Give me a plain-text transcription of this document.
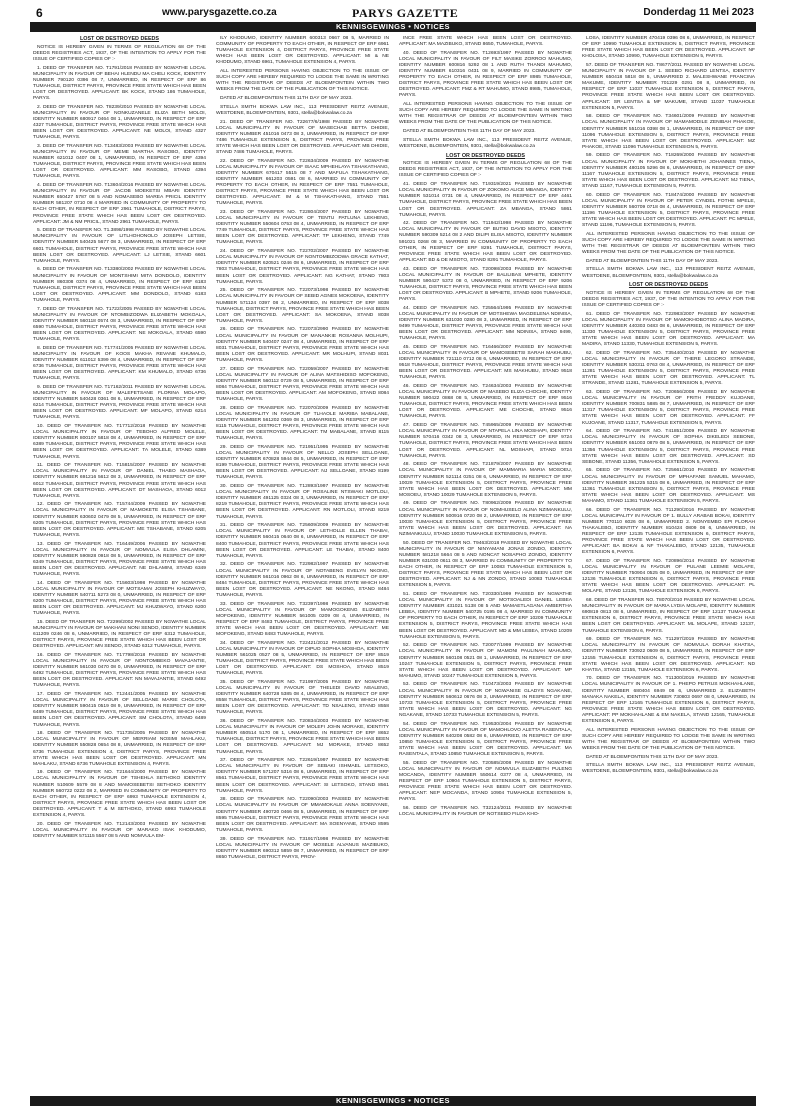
6	www.parysgazette.co.za	PARYS GAZETTE	Donderdag 11 Mei 2023
KENNISGEWINGS • NOTICES

LOST OR DESTROYED DEEDS

NOTICE IS HEREBY GIVEN IN TERMS OF REGULATION 68 OF THE DEEDS REGISTRIES ACT, 1937, OF THE INTENTION TO APPLY FOR THE ISSUE OF CERTIFIED COPIES OF :-

1. DEED OF TRANSFER NO. T1791/2018 PASSED BY NGWATHE LOCAL MUNICIPALITY IN FAVOUR OF BEHAI HLENDU MA CHELI KOCK, IDENTITY NUMBER 790120 0396 08 7, UNMARRIED, IN RESPECT OF ERF 86 TUMAHOLE, DISTRICT PARYS, PROVINCE FREE STATE WHICH HAS BEEN LOST OR DESTROYED. APPLICANT: BK KOCK, STAND 186 TUMAHOLE, PARYS.

2. DEED OF TRANSFER NO. T8239/2010 PASSED BY NGWATHE LOCAL MUNICIPALITY IN FAVOUR OF NONKUZANELE ELIZA BETH MOLOI, IDENTITY NUMBER 680917 0464 08 1, UNMARRIED, IN RESPECT OF ERF 4327 TUMAHOLE, DISTRICT PARYS, PROVINCE FREE STATE WHICH HAS BEEN LOST OR DESTROYED. APPLICANT: NE MOLOI, STAND 4327 TUMAHOLE, PARYS.

3. DEED OF TRANSFER NO. T13483/2003 PASSED BY NGWATHE LOCAL MUNICIPALITY IN FAVOUR OF MEME MARTHA RASOBO, IDENTITY NUMBER 621012 0407 08 1, UNMARRIED, IN RESPECT OF ERF 4394 TUMAHOLE, DISTRICT PARYS, PROVINCE FREE STATE WHICH HAS BEEN LOST OR DESTROYED. APPLICANT: MM RASOBO, STAND 4394 TUMAHOLE, PARYS.

4. DEED OF TRANSFER NO. T13604/2016 PASSED BY NGWATHE LOCAL MUNICIPALITY IN FAVOUR OF JACOB MOEKETSI MBARI IDENTITY NUMBER 650427 5787 08 5 AND NOMASEBO MAREA PRICIL IDENTITY NUMBER 581207 0710 08 4 MARRIED IN COMMUNITY OF PROPERTY TO EACH OTHER, IN RESPECT OF ERF 2961 TUMAHOLE, DISTRICT PARYS, PROVINCE FREE STATE WHICH HAS BEEN LOST OR DESTROYED. APPLICANT: JM & NM PRICIL, STAND 2961 TUMAHOLE, PARYS.

5. DEED OF TRANSFER NO. T1.3898/1998 PASSED BY NGWATHE LOCAL MUNICIPALITY IN FAVOUR OF LITLHOHONOLO JOSEPH LETSIE, IDENTITY NUMBER 540425 5677 08 3, UNMARRIED, IN RESPECT OF ERF 6601 TUMAHOLE, DISTRICT PARYS, PROVINCE FREE STATE WHICH HAS BEEN LOST OR DESTROYED. APPLICANT: LJ LETSIE, STAND 6601 TUMAHOLE, PARYS.

6. DEED OF TRANSFER NO. T13380/2002 PASSED BY NGWATHE LOCAL MUNICIPALITY IN FAVOUR OF MONTSHIMI MITA DONDOLO, IDENTITY NUMBER 860308 0374 08 4, UNMARRIED, IN RESPECT OF ERF 6183 TUMAHOLE, DISTRICT PARYS, PROVINCE FREE STATE WHICH HAS BEEN LOST OR DESTROYED. APPLICANT: MM DONDOLO, STAND 6183 TUMAHOLE, PARYS.

7. DEED OF TRANSFER NO. T1722/2005 PASSED BY NGWATHE LOCAL MUNICIPALITY IN FAVOUR OF NTOMBIZODWA ELIZABETH MOKOALA, IDENTITY NUMBER 560118 0574 08 3, UNMARRIED, IN RESPECT OF ERF 6590 TUMAHOLE, DISTRICT PARYS, PROVINCE FREE STATE WHICH HAS BEEN LOST OR DESTROYED. APPLICANT: NE MOKOALA, STAND 6590 TUMAHOLE, PARYS.

8. DEED OF TRANSFER NO. T17741/2005 PASSED BY NGWATHE LOCAL MUNICIPALITY IN FAVOUR OF KOOS MAKHA REVANE KHUMALO, IDENTITY NUMBER 611012 5399 08 4, UNMARRIED, IN RESPECT OF ERF 6736 TUMAHOLE, DISTRICT PARYS, PROVINCE FREE STATE WHICH HAS BEEN LOST OR DESTROYED. APPLICANT: KM KHUMALO, STAND 6736 TUMAHOLE, PARYS.

9. DEED OF TRANSFER NO. T17162/2011 PASSED BY NGWATHE LOCAL MUNICIPALITY IN FAVOUR OF MALEFETSANE FLORINA MOLAPO, IDENTITY NUMBER 540428 0361 08 6, UNMARRIED, IN RESPECT OF ERF 6214 TUMAHOLE, DISTRICT PARYS, PROVINCE FREE STATE WHICH HAS BEEN LOST OR DESTROYED. APPLICANT: MF MOLAPO, STAND 6214 TUMAHOLE, PARYS.

10. DEED OF TRANSFER NO. T17712/2018 PASSED BY NGWATHE LOCAL MUNICIPALITY IN FAVOUR OF TEBOHO ALFRED MOLELE, IDENTITY NUMBER 800107 5818 08 4, UNMARRIED, IN RESPECT OF ERF 6389 TUMAHOLE, DISTRICT PARYS, PROVINCE FREE STATE WHICH HAS BEEN LOST OR DESTROYED. APPLICANT: TA MOLELE, STAND 6389 TUMAHOLE, PARYS.

11. DEED OF TRANSFER NO. T15815/2007 PASSED BY NGWATHE LOCAL MUNICIPALITY IN FAVOUR OF DANIEL THABO MASHAOA, IDENTITY NUMBER 691216 5612 08 3, UNMARRIED, IN RESPECT OF ERF 6012 TUMAHOLE, DISTRICT PARYS, PROVINCE FREE STATE WHICH HAS BEEN LOST OR DESTROYED. APPLICANT: DT MASHAOA, STAND 6012 TUMAHOLE, PARYS.

12. DEED OF TRANSFER NO. T15744/2009 PASSED BY NGWATHE LOCAL MUNICIPALITY IN FAVOUR OF MAMOKETE ELISA TSHABANE, IDENTITY NUMBER 630602 0479 08 5, UNMARRIED, IN RESPECT OF ERF 6205 TUMAHOLE, DISTRICT PARYS, PROVINCE FREE STATE WHICH HAS BEEN LOST OR DESTROYED. APPLICANT: ME TSHABANE, STAND 6205 TUMAHOLE, PARYS.

13. DEED OF TRANSFER NO. T16449/2006 PASSED BY NGWATHE LOCAL MUNICIPALITY IN FAVOUR OF NOMVULA ELISA DHLAMINI, IDENTITY NUMBER 590828 0918 08 5, UNMARRIED, IN RESPECT OF ERF 6349 TUMAHOLE, DISTRICT PARYS, PROVINCE FREE STATE WHICH HAS BEEN LOST OR DESTROYED. APPLICANT: NE DHLAMINI, STAND 6349 TUMAHOLE, PARYS.

14. DEED OF TRANSFER NO. T15603/1998 PASSED BY NGWATHE LOCAL MUNICIPALITY IN FAVOUR OF MOTSAMAI JOSEPH KHUZWAYO, IDENTITY NUMBER 540711 5273 08 0, UNMARRIED, IN RESPECT OF ERF 6200 TUMAHOLE, DISTRICT PARYS, PROVINCE FREE STATE WHICH HAS BEEN LOST OR DESTROYED. APPLICANT: MJ KHUZWAYO, STAND 6200 TUMAHOLE, PARYS.

15. DEED OF TRANSFER NO. T2299/2002 PASSED BY NGWATHE LOCAL MUNICIPALITY IN FAVOUR OF MAKHANI NONI SENDO, IDENTITY NUMBER 611209 0246 08 6, UNMARRIED, IN RESPECT OF ERF 6312 TUMAHOLE, DISTRICT PARYS, PROVINCE FREE STATE WHICH HAS BEEN LOST OR DESTROYED. APPLICANT: MN SENDO, STAND 6312 TUMAHOLE, PARYS.

16. DEED OF TRANSFER NO. T17798/2018 PASSED BY NGWATHE LOCAL MUNICIPALITY IN FAVOUR OF NONTOMBEKO MAVAJANTIE, IDENTITY NUMBER 561030 0470 08 0, UNMARRIED, IN RESPECT OF ERF 6492 TUMAHOLE, DISTRICT PARYS, PROVINCE FREE STATE WHICH HAS BEEN LOST OR DESTROYED. APPLICANT: NN MAVAJANTIE, STAND 6492 TUMAHOLE, PARYS.

17. DEED OF TRANSFER NO. T12441/2005 PASSED BY NGWATHE LOCAL MUNICIPALITY IN FAVOUR OF SELLOANE MARIE CHOLOTA, IDENTITY NUMBER 590415 0519 08 9, UNMARRIED, IN RESPECT OF ERF 6489 TUMAHOLE, DISTRICT PARYS, PROVINCE FREE STATE WHICH HAS BEEN LOST OR DESTROYED. APPLICANT: SM CHOLOTA, STAND 6489 TUMAHOLE, PARYS.

18. DEED OF TRANSFER NO. T11735/2005 PASSED BY NGWATHE LOCAL MUNICIPALITY IN FAVOUR OF MERRIAM NOSIMI MAHLAKU, IDENTITY NUMBER 550828 0654 08 8, UNMARRIED, IN RESPECT OF ERF 6736 TUMAHOLE EXTENSION 4, DISTRICT PARYS, PROVINCE FREE STATE WHICH HAS BEEN LOST OR DESTROYED. APPLICANT: MN MAHLAKU, STAND 6736 TUMAHOLE EXTENSION 4, PARYS.

19. DEED OF TRANSFER NO. T21644/2000 PASSED BY NGWATHE LOCAL MUNICIPALITY IN FAVOUR OF TSHEHLA SETHOKO IDENTITY NUMBER 510609 5579 08 8 AND MAMOSEBETSI SETHOKO IDENTITY NUMBER 560722 0222 08 2, MARRIED IN COMMUNITY OF PROPERTY TO EACH OTHER, IN RESPECT OF ERF 6993 TUMAHOLE EXTENSION 4, DISTRICT PARYS, PROVINCE FREE STATE WHICH HAS BEEN LOST OR DESTROYED. APPLICANT: T & M SETHOKO, STAND 6993 TUMAHOLE EXTENSION 4, PARYS.

20. DEED OF TRANSFER NO. T12143/2003 PASSED BY NGWATHE LOCAL MUNICIPALITY IN FAVOUR OF MARAKO ISAK KHODUMO, IDENTITY NUMBER 571115 5567 08 5 AND NOMVULA EM-

ILY KHODUMO, IDENTITY NUMBER 600313 0667 08 5, MARRIED IN COMMUNITY OF PROPERTY TO EACH OTHER, IN RESPECT OF ERF 6961 TUMAHOLE EXTENSION 4, DISTRICT PARYS, PROVINCE FREE STATE WHICH HAS BEEN LOST OR DESTROYED. APPLICANT: MI & NE KHODUMO, STAND 6961, TUMAHOLE EXTENSION 4, PARYS.

ALL INTERESTED PERSONS HAVING OBJECTION TO THE ISSUE OF SUCH COPY ARE HEREBY REQUIRED TO LODGE THE SAME IN WRITING WITH THE REGISTRAR OF DEEDS AT BLOEMFONTEIN WITHIN TWO WEEKS FROM THE DATE OF THE PUBLICATION OF THIS NOTICE.

DATED AT BLOEMFONTEIN THIS 11TH DAY OF MAY 2023.

STELLA SMITH BOKWA LAW INC., 113 PRESIDENT REITZ AVENUE, WESTDENE, BLOEMFONTEIN, 9301, stella@bokwalaw.co.za

21. DEED OF TRANSFER NO. T22677/6/1988 PASSED BY NGWATHE LOCAL MUNICIPALITY IN FAVOUR OF MASECHAB BETTA DHIDIE, IDENTITY NUMBER 451016 0473 08 3, UNMARRIED, IN RESPECT OF ERF 7486 TUMAHOLE EXTENSION 5, DISTRICT PARYS, PROVINCE FREE STATE WHICH HAS BEEN LOST OR DESTROYED. APPLICANT: MB DHIDIE, STAND 7486 TUMAHOLE, PARYS.

22. DEED OF TRANSFER NO. T22634/2009 PASSED BY NGWATHE LOCAL MUNICIPALITY IN FAVOUR OF ISAAC MPHEHLAYA TSHAKATHANG, IDENTITY NUMBER 670417 5515 08 7 AND MAFULA TSHAKATHANG, IDENTITY NUMBER 661203 0591 08 6, MARRIED IN COMMUNITY OF PROPERTY TO EACH OTHER, IN RESPECT OF ERF 7551 TUMAHOLE, DISTRICT PARYS, PROVINCE FREE STATE WHICH HAS BEEN LOST OR DESTROYED. APPLICANT: IM & M TSHAKATHANG, STAND 7551 TUMAHOLE, PARYS.

23. DEED OF TRANSFER NO. T22804/2007 PASSED BY NGWATHE LOCAL MUNICIPALITY IN FAVOUR OF TENTU PATLUNA LEKHENG, IDENTITY NUMBER 550604 0753 08 4, UNMARRIED, IN RESPECT OF ERF 7749 TUMAHOLE, DISTRICT PARYS, PROVINCE FREE STATE WHICH HAS BEEN LOST OR DESTROYED. APPLICANT: TP LEKHENG, STAND 7749 TUMAHOLE, PARYS.

24. DEED OF TRANSFER NO. T22702/2007 PASSED BY NGWATHE LOCAL MUNICIPALITY IN FAVOUR OF NONTOMBIZODWA GRACE KATHAT, IDENTITY NUMBER 620521 0246 08 6, UNMARRIED, IN RESPECT OF ERF 7803 TUMAHOLE, DISTRICT PARYS, PROVINCE FREE STATE WHICH HAS BEEN LOST OR DESTROYED. APPLICANT: NG KATHAT, STAND 7803 TUMAHOLE, PARYS.

25. DEED OF TRANSFER NO. T22073/1998 PASSED BY NGWATHE LOCAL MUNICIPALITY IN FAVOUR OF SEBID AGNES MOKOENA, IDENTITY NUMBER 571124 0397 08 2, UNMARRIED, IN RESPECT OF ERF 8038 TUMAHOLE, DISTRICT PARYS, PROVINCE FREE STATE WHICH HAS BEEN LOST OR DESTROYED. APPLICANT: SA MOKOENA, STAND 8038 TUMAHOLE, PARYS.

26. DEED OF TRANSFER NO. T22073/2990 PASSED BY NGWATHE LOCAL MUNICIPALITY IN FAVOUR OF MANANKIE ROSANNA MOLHUPI, IDENTITY NUMBER 540407 0247 08 4, UNMARRIED, IN RESPECT OF ERF 8031 TUMAHOLE, DISTRICT PARYS, PROVINCE FREE STATE WHICH HAS BEEN LOST OR DESTROYED. APPLICANT: MR MOLHUPI, STAND 8031 TUMAHOLE, PARYS.

27. DEED OF TRANSFER NO. T22059/2007 PASSED BY NGWATHE LOCAL MUNICIPALITY IN FAVOUR OF ALINA MATSHIDISO MOFOKENG, IDENTITY NUMBER 560112 0729 08 5, UNMARRIED, IN RESPECT OF ERF 8084 TUMAHOLE, DISTRICT PARYS, PROVINCE FREE STATE WHICH HAS BEEN LOST OR DESTROYED. APPLICANT: AM MOFOKENG, STAND 8084 TUMAHOLE, PARYS.

28. DEED OF TRANSFER NO. T22070/2009 PASSED BY NGWATHE LOCAL MUNICIPALITY IN FAVOUR OF TLHAOLE MARIBA MABALANE, IDENTITY NUMBER 561202 0369 08 3, UNMARRIED, IN RESPECT OF ERF 8115 TUMAHOLE, DISTRICT PARYS, PROVINCE FREE STATE WHICH HAS BEEN LOST OR DESTROYED. APPLICANT: TM MABALANE, STAND 8115 TUMAHOLE, PARYS.

29. DEED OF TRANSFER NO. T21951/1995 PASSED BY NGWATHE LOCAL MUNICIPALITY IN FAVOUR OF NELLO JOSEPH SELLOANE, IDENTITY NUMBER 670828 5944 08 5, UNMARRIED, IN RESPECT OF ERF 8199 TUMAHOLE, DISTRICT PARYS, PROVINCE FREE STATE WHICH HAS BEEN LOST OR DESTROYED. APPLICANT: NJ SELLOANE, STAND 8199 TUMAHOLE, PARYS.

30. DEED OF TRANSFER NO. T12893/1997 PASSED BY NGWATHE LOCAL MUNICIPALITY IN FAVOUR OF ROSALINE NTSWAKI MOTLOLI, IDENTITY NUMBER 491125 0324 08 3, UNMARRIED, IN RESPECT OF ERF 8219 TUMAHOLE, DISTRICT PARYS, PROVINCE FREE STATE WHICH HAS BEEN LOST OR DESTROYED. APPLICANT: RN MOTLOLI, STAND 8219 TUMAHOLE, PARYS.

31. DEED OF TRANSFER NO. T25609/2009 PASSED BY NGWATHE LOCAL MUNICIPALITY IN FAVOUR OF LETHOLLE ELLEN THABAI, IDENTITY NUMBER 560415 0640 08 6, UNMARRIED, IN RESPECT OF ERF 8400 TUMAHOLE, DISTRICT PARYS, PROVINCE FREE STATE WHICH HAS BEEN LOST OR DESTROYED. APPLICANT: LE THABAI, STAND 8400 TUMAHOLE, PARYS.

32. DEED OF TRANSFER NO. T22982/1997 PASSED BY NGWATHE LOCAL MUNICIPALITY IN FAVOUR OF NOTABENG EVELYN NKONG, IDENTITY NUMBER 561016 0962 08 6, UNMARRIED, IN RESPECT OF ERF 8484 TUMAHOLE, DISTRICT PARYS, PROVINCE FREE STATE WHICH HAS BEEN LOST OR DESTROYED. APPLICANT: NE NKONG, STAND 8484 TUMAHOLE, PARYS.

33. DEED OF TRANSFER NO. T32397/1998 PASSED BY NGWATHE LOCAL MUNICIPALITY IN FAVOUR OF MAMOGOKENG ELIZABETH MOFOKENG, IDENTITY NUMBER 561005 0209 08 4, UNMARRIED, IN RESPECT OF ERF 8483 TUMAHOLE, DISTRICT PARYS, PROVINCE FREE STATE WHICH HAS BEEN LOST OR DESTROYED. APPLICANT: ME MOFOKENG, STAND 8483 TUMAHOLE, PARYS.

34. DEED OF TRANSFER NO. T22421/2012 PASSED BY NGWATHE LOCAL MUNICIPALITY IN FAVOUR OF DIPUO SOPHIA MOSHOA, IDENTITY NUMBER 561025 0527 08 5, UNMARRIED, IN RESPECT OF ERF 8519 TUMAHOLE, DISTRICT PARYS, PROVINCE FREE STATE WHICH HAS BEEN LOST OR DESTROYED. APPLICANT: DS MOSHOA, STAND 8519 TUMAHOLE, PARYS.

35. DEED OF TRANSFER NO. T21997/2005 PASSED BY NGWATHE LOCAL MUNICIPALITY IN FAVOUR OF THELEDI DAVID NSALENG, IDENTITY NUMBER 640728 5385 08 4, UNMARRIED, IN RESPECT OF ERF 8558 TUMAHOLE, DISTRICT PARYS, PROVINCE FREE STATE WHICH HAS BEEN LOST OR DESTROYED. APPLICANT: TD NSALENG, STAND 8558 TUMAHOLE, PARYS.

36. DEED OF TRANSFER NO. T20834/2003 PASSED BY NGWATHE LOCAL MUNICIPALITY IN FAVOUR OF MOLEFI JOHN MORAKE, IDENTITY NUMBER 650514 5170 08 1, UNMARRIED, IN RESPECT OF ERF 8652 TUMAHOLE, DISTRICT PARYS, PROVINCE FREE STATE WHICH HAS BEEN LOST OR DESTROYED. APPLICANT: MJ MORAKE, STAND 8652 TUMAHOLE, PARYS.

37. DEED OF TRANSFER NO. T22619/1997 PASSED BY NGWATHE LOCAL MUNICIPALITY IN FAVOUR OF SEBAKI ISHMAEL LETSOKO, IDENTITY NUMBER 571207 5316 08 6, UNMARRIED, IN RESPECT OF ERF 8561 TUMAHOLE, DISTRICT PARYS, PROVINCE FREE STATE WHICH HAS BEEN LOST OR DESTROYED. APPLICANT: SI LETSOKO, STAND 8561 TUMAHOLE, PARYS.

38. DEED OF TRANSFER NO. T22090/2003 PASSED BY NGWATHE LOCAL MUNICIPALITY IN FAVOUR OF MMAMOKALE ANNA SOENYANE, IDENTITY NUMBER 490720 0466 08 5, UNMARRIED, IN RESPECT OF ERF 8595 TUMAHOLE, DISTRICT PARYS, PROVINCE FREE STATE WHICH HAS BEEN LOST OR DESTROYED. APPLICANT: MA SOENYANE, STAND 8595 TUMAHOLE, PARYS.

39. DEED OF TRANSFER NO. T31917/1998 PASSED BY NGWATHE LOCAL MUNICIPALITY IN FAVOUR OF MOSELE ALVANUS MAZIBUKO, IDENTITY NUMBER 690312 5859 08 7, UNMARRIED, IN RESPECT OF ERF 8650 TUMAHOLE, DISTRICT PARYS, PROV-

INCE FREE STATE WHICH HAS BEEN LOST OR DESTROYED. APPLICANT: MA MAZIBUKO, STAND 8650, TUMAHOLE, PARYS.

40. DEED OF TRANSFER NO. T12693/1997 PASSED BY NGWATHE LOCAL MUNICIPALITY IN FAVOUR OF FILT MASIKE ZORROO MAHUMO, IDENTITY NUMBER 600816 5292 08 1 AND RUTH THANDI MAHUMO, IDENTITY NUMBER 610316 0431 08 9, MARRIED IN COMMUNITY OF PROPERTY TO EACH OTHER, IN RESPECT OF ERF 8985 TUMAHOLE, DISTRICT PARYS, PROVINCE FREE STATE WHICH HAS BEEN LOST OR DESTROYED. APPLICANT: FMZ & RT MAHUMO, STAND 8985, TUMAHOLE, PARYS.

ALL INTERESTED PERSONS HAVING OBJECTION TO THE ISSUE OF SUCH COPY ARE HEREBY REQUIRED TO LODGE THE SAME IN WRITING WITH THE REGISTRAR OF DEEDS AT BLOEMFONTEIN WITHIN TWO WEEKS FROM THE DATE OF THE PUBLICATION OF THIS NOTICE.

DATED AT BLOEMFONTEIN THIS 11TH DAY OF MAY 2023.

STELLA SMITH BOKWA LAW INC., 113 PRESIDENT REITZ AVENUE, WESTDENE, BLOEMFONTEIN, 9301, stella@bokwalaw.co.za

LOST OR DESTROYED DEEDS

NOTICE IS HEREBY GIVEN IN TERMS OF REGULATION 68 OF THE DEEDS REGISTRIES ACT, 1937, OF THE INTENTION TO APPLY FOR THE ISSUE OF CERTIFIED COPIES OF :-

41. DEED OF TRANSFER NO. T19319/2021 PASSED BY NGWATHE LOCAL MUNICIPALITY IN FAVOUR OF ZOKOMO ALICE MBANGA, IDENTITY NUMBER 531014 0731 08 4, UNMARRIED, IN RESPECT OF ERF 4461 TUMAHOLE, DISTRICT PARYS, PROVINCE FREE STATE WHICH HAS BEEN LOST OR DESTROYED. APPLICANT: ZA MBANGA, STAND 5861 TUMAHOLE, PARYS.

42. DEED OF TRANSFER NO. T11942/1998 PASSED BY NGWATHE LOCAL MUNICIPALITY IN FAVOUR OF BUTIKI DAVID MSOTO, IDENTITY NUMBER 590309 5214 08 2 AND DILIPI ELISA MSOTO, IDENTITY NUMBER 591021 0268 08 3, MARRIED IN COMMUNITY OF PROPERTY TO EACH OTHER, IN RESPECT OF ERF 8291 TUMAHOLE, DISTRICT PARYS, PROVINCE FREE STATE WHICH HAS BEEN LOST OR DESTROYED. APPLICANT: BD & DE MSOTO, STAND 8291 TUMAHOLE, PARYS.

43. DEED OF TRANSFER NO. T20098/2003 PASSED BY NGWATHE LOCAL MUNICIPALITY IN FAVOUR OF BALILIBAS MPHETE, IDENTITY NUMBER 590427 5372 08 0, UNMARRIED, IN RESPECT OF ERF 9206 TUMAHOLE, DISTRICT PARYS, PROVINCE FREE STATE WHICH HAS BEEN LOST OR DESTROYED. APPLICANT: B MPHETE, STAND 9206 TUMAHOLE, PARYS.

44. DEED OF TRANSFER NO. T25564/1995 PASSED BY NGWATHE LOCAL MUNICIPALITY IN FAVOUR OF MOTSHEWA MAGDELENA NDINISA, IDENTITY NUMBER 631030 0280 08 3, UNMARRIED, IN RESPECT OF ERF 9499 TUMAHOLE, DISTRICT PARYS, PROVINCE FREE STATE WHICH HAS BEEN LOST OR DESTROYED. APPLICANT: MM NDINISA, STAND 9499, TUMAHOLE, PARYS.

45. DEED OF TRANSFER NO. T16466/2007 PASSED BY NGWATHE LOCAL MUNICIPALITY IN FAVOUR OF MAMOSEBETSI SARAH MAKHUBU, IDENTITY NUMBER 721110 0712 08 6, UNMARRIED, IN RESPECT OF ERF 9518 TUMAHOLE, DISTRICT PARYS, PROVINCE FREE STATE WHICH HAS BEEN LOST OR DESTROYED. APPLICANT: MS MAKHUBU, STAND 9518 TUMAHOLE, PARYS.

46. DEED OF TRANSFER NO. T24634/2003 PASSED BY NGWATHE LOCAL MUNICIPALITY IN FAVOUR OF MASEBO ELIZA CHOCHE, IDENTITY NUMBER 590422 0868 08 5, UNMARRIED, IN RESPECT OF ERF 9516 TUMAHOLE, DISTRICT PARYS, PROVINCE FREE STATE WHICH HAS BEEN LOST OR DESTROYED. APPLICANT: ME CHOCHE, STAND 9516 TUMAHOLE, PARYS.

47. DEED OF TRANSFER NO. T45965/2009 PASSED BY NGWATHE LOCAL MUNICIPALITY IN FAVOUR OF NTAPELA LINA MOSHAPI, IDENTITY NUMBER 570416 0342 08 3, UNMARRIED, IN RESPECT OF ERF 9724 TUMAHOLE, DISTRICT PARYS, PROVINCE FREE STATE WHICH HAS BEEN LOST OR DESTROYED. APPLICANT: NL MOSHAPI, STAND 9724 TUMAHOLE, PARYS.

48. DEED OF TRANSFER NO. T21879/2007 PASSED BY NGWATHE LOCAL MUNICIPALITY IN FAVOUR OF MAMMARIA MARIA MOSOEU, IDENTITY NUMBER 521114 0251 08 6, UNMARRIED, IN RESPECT OF ERF 10029 TUMAHOLE EXTENSION 5, DISTRICT PARYS, PROVINCE FREE STATE WHICH HAS BEEN LOST OR DESTROYED. APPLICANT: MM MOSOEU, STAND 10029 TUMAHOLE EXTENSION 5, PARYS.

49. DEED OF TRANSFER NO. T80962/2009 PASSED BY NGWATHE LOCAL MUNICIPALITY IN FAVOUR OF NOMHUSELO ALINA NZIMANKULU, IDENTITY NUMBER 500916 0720 08 2, UNMARRIED, IN RESPECT OF ERF 10030 TUMAHOLE EXTENSION 5, DISTRICT PARYS, PROVINCE FREE STATE WHICH HAS BEEN LOST OR DESTROYED. APPLICANT: NA NZIMANKULU, STAND 10030 TUMAHOLE EXTENSION 5, PARYS.

50. DEED OF TRANSFER NO. T9463/2018 PASSED BY NGWATHE LOCAL MUNICIPALITY IN FAVOUR OF NINYAMANI JONAS ZONDO, IDENTITY NUMBER 581218 5664 08 5 AND NONCAT NOSAPHO ZONDO, IDENTITY NUMBER 631030 0611 08 3, MARRIED IN COMMUNITY OF PROPERTY TO EACH OTHER, IN RESPECT OF ERF 10083 TUMAHOLE EXTENSION 5, DISTRICT PARYS, PROVINCE FREE STATE WHICH HAS BEEN LOST OR DESTROYED. APPLICANT: NJ & NN ZONDO, STAND 10083 TUMAHOLE EXTENSION 5, PARYS.

51. DEED OF TRANSFER NO. T20330/1999 PASSED BY NGWATHE LOCAL MUNICIPALITY IN FAVOUR OF MOTSOALEDI DANIEL LEBEA IDENTITY NUMBER 431021 5138 08 5 AND MAMAETLAGANA AMBERTHA LEBEA, IDENTITY NUMBER 540725 0195 08 4, MARRIED IN COMMUNITY OF PROPERTY TO EACH OTHER, IN RESPECT OF ERF 10209 TUMAHOLE EXTENSION 5, DISTRICT PARYS, PROVINCE FREE STATE WHICH HAS BEEN LOST OR DESTROYED. APPLICANT: MD & MM LEBEA, STAND 10209 TUMAHOLE EXTENSION 5, PARYS.

52. DEED OF TRANSFER NO. T20077/1999 PASSED BY NGWATHE LOCAL MUNICIPALITY IN FAVOUR OF MAMONI PAULINAH MAHUMO, IDENTITY NUMBER 560108 0521 08 1, UNMARRIED, IN RESPECT OF ERF 10247 TUMAHOLE EXTENSION 5, DISTRICT PARYS, PROVINCE FREE STATE WHICH HAS BEEN LOST OR DESTROYED. APPLICANT: MP MAHUMO, STAND 10247 TUMAHOLE EXTENSION 5, PARYS.

53. DEED OF TRANSFER NO. T10473/2003 PASSED BY NGWATHE LOCAL MUNICIPALITY IN FAVOUR OF NGWANISE GLADYS NGAKANE, IDENTITY NUMBER 560612 0676 08 3, UNMARRIED, IN RESPECT OF ERF 10733 TUMAHOLE EXTENSION 5, DISTRICT PARYS, PROVINCE FREE STATE WHICH HAS BEEN LOST OR DESTROYED. APPLICANT: NG NGAKANE, STAND 10733 TUMAHOLE EXTENSION 5, PARYS.

54. DEED OF TRANSFER NO. T19530/2004 PASSED BY NGWATHE LOCAL MUNICIPALITY IN FAVOUR OF MAMOHLOVO ALETTA RASENTALA, IDENTITY NUMBER 640208 0582 08 6, UNMARRIED, IN RESPECT OF ERF 10850 TUMAHOLE EXTENSION 5, DISTRICT PARYS, PROVINCE FREE STATE WHICH HAS BEEN LOST OR DESTROYED. APPLICANT: MA RASENTALA, STAND 10850 TUMAHOLE EXTENSION 5, PARYS.

55. DEED OF TRANSFER NO. T20585/2008 PASSED BY NGWATHE LOCAL MUNICIPALITY IN FAVOUR OF NOMVULA ELIZABETH PULENG MOCANDA, IDENTITY NUMBER 550614 0377 08 4, UNMARRIED, IN RESPECT OF ERF 10904 TUMAHOLE EXTENSION 5, DISTRICT PARYS, PROVINCE FREE STATE WHICH HAS BEEN LOST OR DESTROYED. APPLICANT: NEP MOCANDA, STAND 10904 TUMAHOLE EXTENSION 5, PARYS.

56. DEED OF TRANSFER NO. T32124/2011 PASSED BY NGWATHE LOCAL MUNICIPALITY IN FAVOUR OF NOTSEBO FILDA KHO-

LOSA, IDENTITY NUMBER 470419 0396 08 6, UNMARRIED, IN RESPECT OF ERF 10990 TUMAHOLE EXTENSION 5, DISTRICT PARYS, PROVINCE FREE STATE WHICH HAS BEEN LOST OR DESTROYED. APPLICANT: NF KHOLOSA, STAND 10990, TUMAHOLE EXTENSION 5, PARYS.

57. DEED OF TRANSFER NO. T8677/2011 PASSED BY NGWATHE LOCAL MUNICIPALITY IN FAVOUR OF 1. SEEBO RICHARD LENTSA, IDENTITY NUMBER 650418 5818 08 5, UNMARRIED 2. MALESHWANE FRANCINA MAKUME, IDENTITY NUMBER 701229 0291 08 8, UNMARRIED, IN RESPECT OF ERF 11037 TUMAHOLE EXTENSION 5, DISTRICT PARYS, PROVINCE FREE STATE WHICH HAS BEEN LOST OR DESTROYED. APPLICANT: SR LENTSA & MF MAKUME, STAND 11037 TUMAHOLE EXTENSION 5, PARYS.

58. DEED OF TRANSFER NO. T34601/2009 PASSED BY NGWATHE LOCAL MUNICIPALITY IN FAVOUR OF MAMAMODILE ZENIBAH PHAKOE, IDENTITY NUMBER 551016 0398 08 1, UNMARRIED, IN RESPECT OF ERF 11096 TUMAHOLE EXTENSION 5, DISTRICT PARYS, PROVINCE FREE STATE WHICH HAS BEEN LOST OR DESTROYED. APPLICANT: MZ PHAKOE, STAND 11096 TUMAHOLE EXTENSION 5, PARYS.

59. DEED OF TRANSFER NO. T18269/2000 PASSED BY NGWATHE LOCAL MUNICIPALITY IN FAVOUR OF MOKHETHI JOHANNES TIENA, IDENTITY NUMBER 480105 5296 08 6, UNMARRIED, IN RESPECT OF ERF 11167 TUMAHOLE EXTENSION 5, DISTRICT PARYS, PROVINCE FREE STATE WHICH HAS BEEN LOST OR DESTROYED. APPLICANT: MJ TIENA, STAND 11167, TUMAHOLE EXTENSION 5, PARYS.

60. DEED OF TRANSFER NO. T18474/2000 PASSED BY NGWATHE LOCAL MUNICIPALITY IN FAVOUR OF PETER CYNDEL FOTHE MPELE, IDENTITY NUMBER 560709 0718 08 4, UNMARRIED, IN RESPECT OF ERF 11196 TUMAHOLE EXTENSION 5, DISTRICT PARYS, PROVINCE FREE STATE WHICH HAS BEEN LOST OR DESTROYED. APPLICANT: PC MPELE, STAND 11196, TUMAHOLE EXTENSION 5, PARYS.

ALL INTERESTED PERSONS HAVING OBJECTION TO THE ISSUE OF SUCH COPY ARE HEREBY REQUIRED TO LODGE THE SAME IN WRITING WITH THE REGISTRAR OF DEEDS AT BLOEMFONTEIN WITHIN TWO WEEKS FROM THE DATE OF THE PUBLICATION OF THIS NOTICE.

DATED AT BLOEMFONTEIN THIS 11TH DAY OF MAY 2023.

STELLA SMITH BOKWA LAW INC., 113 PRESIDENT REITZ AVENUE, WESTDENE, BLOEMFONTEIN, 9301, stella@bokwalaw.co.za

LOST OR DESTROYED DEEDS

NOTICE IS HEREBY GIVEN IN TERMS OF REGULATION 68 OF THE DEEDS REGISTRIES ACT, 1937, OF THE INTENTION TO APPLY FOR THE ISSUE OF CERTIFIED COPIES OF :-

61. DEED OF TRANSFER NO. T22983/2007 PASSED BY NGWATHE LOCAL MUNICIPALITY IN FAVOUR OF MAMOKHOBOTSO ALINA MADIRA, IDENTITY NUMBER 440303 0483 08 6, UNMARRIED, IN RESPECT OF ERF 11330 TUMAHOLE EXTENSION 5, DISTRICT PARYS, PROVINCE FREE STATE WHICH HAS BEEN LOST OR DESTROYED. APPLICANT: MA MADIRA, STAND 11330, TUMAHOLE EXTENSION 5, PARYS.

62. DEED OF TRANSFER NO. T35440/2010 PASSED BY NGWATHE LOCAL MUNICIPALITY IN FAVOUR OF THERE LEGORO STRANDE, IDENTITY NUMBER 530311 0763 08 4, UNMARRIED, IN RESPECT OF ERF 11281 TUMAHOLE EXTENSION 5, DISTRICT PARYS, PROVINCE FREE STATE WHICH HAS BEEN LOST OR DESTROYED. APPLICANT: TL STRANDE, STAND 11281, TUMAHOLE EXTENSION 5, PARYS.

63. DEED OF TRANSFER NO. T20656/2008 PASSED BY NGWATHE LOCAL MUNICIPALITY IN FAVOUR OF FRITH FREDDY KUJOANE, IDENTITY NUMBER 700831 5885 08 7, UNMARRIED, IN RESPECT OF ERF 11317 TUMAHOLE EXTENSION 5, DISTRICT PARYS, PROVINCE FREE STATE WHICH HAS BEEN LOST OR DESTROYED. APPLICANT: FF KUJOANE, STAND 11317, TUMAHOLE EXTENSION 5, PARYS.

64. DEED OF TRANSFER NO. T41851/2009 PASSED BY NGWATHE LOCAL MUNICIPALITY IN FAVOUR OF SOPHIA DIKELEDI SEBONE, IDENTITY NUMBER 651003 0879 08 5, UNMARRIED, IN RESPECT OF ERF 11356 TUMAHOLE EXTENSION 5, DISTRICT PARYS, PROVINCE FREE STATE WHICH HAS BEEN LOST OR DESTROYED. APPLICANT: SD SEBONE, STAND 11356, TUMAHOLE EXTENSION 5, PARYS.

65. DEED OF TRANSFER NO. T25661/2010 PASSED BY NGWATHE LOCAL MUNICIPALITY IN FAVOUR OF MPHAFANE SAMUEL MAHAMO, IDENTITY NUMBER 361225 5315 08 6, UNMARRIED, IN RESPECT OF ERF 11361 TUMAHOLE EXTENSION 5, DISTRICT PARYS, PROVINCE FREE STATE WHICH HAS BEEN LOST OR DESTROYED. APPLICANT: MS MAHAMO, STAND 11361 TUMAHOLE EXTENSION 5, PARYS.

66. DEED OF TRANSFER NO. T11290/2016 PASSED BY NGWATHE LOCAL MUNICIPALITY IN FAVOUR OF 1. BULLY ARABAB BOKAI, IDENTITY NUMBER 770110 6026 08 6, UNMARRIED 2. NONYEMBO EPI FLORAH THAKALEBO, IDENTITY NUMBER 810424 0809 08 6, UNMARRIED, IN RESPECT OF ERF 12135 TUMAHOLE EXTENSION 6, DISTRICT PARYS, PROVINCE FREE STATE WHICH HAS BEEN LOST OR DESTROYED. APPLICANT: BA BOKAI & NF THAKALEBO, STAND 12135, TUMAHOLE EXTENSION 6, PARYS.

67. DEED OF TRANSFER NO. T20896/2014 PASSED BY NGWATHE LOCAL MUNICIPALITY IN FAVOUR OF PULANE LEEMIE MOLAFE, IDENTITY NUMBER 750904 0525 08 0, UNMARRIED, IN RESPECT OF ERF 12136 TUMAHOLE EXTENSION 6, DISTRICT PARYS, PROVINCE FREE STATE WHICH HAS BEEN LOST OR DESTROYED. APPLICANT: PL MOLAFE, STAND 12136, TUMAHOLE EXTENSION 6, PARYS.

68. DEED OF TRANSFER NO. T8070/2010 PASSED BY NGWATHE LOCAL MUNICIPALITY IN FAVOUR OF MARIA LYDIA MOLAPE, IDENTITY NUMBER 690819 0813 08 6, UNMARRIED, IN RESPECT OF ERF 12137 TUMAHOLE EXTENSION 6, DISTRICT PARYS, PROVINCE FREE STATE WHICH HAS BEEN LOST OR DESTROYED. APPLICANT: ML MOLAPE, STAND 12137, TUMAHOLE EXTENSION 6, PARYS.

69. DEED OF TRANSFER NO. T11297/2019 PASSED BY NGWATHE LOCAL MUNICIPALITY IN FAVOUR OF NOMVULA DORAH KHATSA, IDENTITY NUMBER 730922 0609 08 5, UNMARRIED, IN RESPECT OF ERF 12155 TUMAHOLE EXTENSION 6, DISTRICT PARYS, PROVINCE FREE STATE WHICH HAS BEEN LOST OR DESTROYED. APPLICANT: ND KHATSA, STAND 12155, TUMAHOLE EXTENSION 6, PARYS.

70. DEED OF TRANSFER NO. T11300/2019 PASSED BY NGWATHE LOCAL MUNICIPALITY IN FAVOUR OF 1. PHEPO PETRUS MOKHAHLANE, IDENTITY NUMBER 680404 6949 08 6, UNMARRIED 2. ELIZABETH MANAKA NAKELA, IDENTITY NUMBER 730803 0697 08 0, UNMARRIED, IN RESPECT OF ERF 12165 TUMAHOLE EXTENSION 6, DISTRICT PARYS, PROVINCE FREE STATE WHICH HAS BEEN LOST OR DESTROYED. APPLICANT: PP MOKHAHLANE & EM NAKELA, STAND 12165, TUMAHOLE EXTENSION 6, PARYS.

ALL INTERESTED PERSONS HAVING OBJECTION TO THE ISSUE OF SUCH COPY ARE HEREBY REQUIRED TO LODGE THE SAME IN WRITING WITH THE REGISTRAR OF DEEDS AT BLOEMFONTEIN WITHIN TWO WEEKS FROM THE DATE OF THE PUBLICATION OF THIS NOTICE.

DATED AT BLOEMFONTEIN THIS 11TH DAY OF MAY 2023.

STELLA SMITH BOKWA LAW INC., 113 PRESIDENT REITZ AVENUE, WESTDENE, BLOEMFONTEIN, 9301, stella@bokwalaw.co.za

KENNISGEWINGS • NOTICES
